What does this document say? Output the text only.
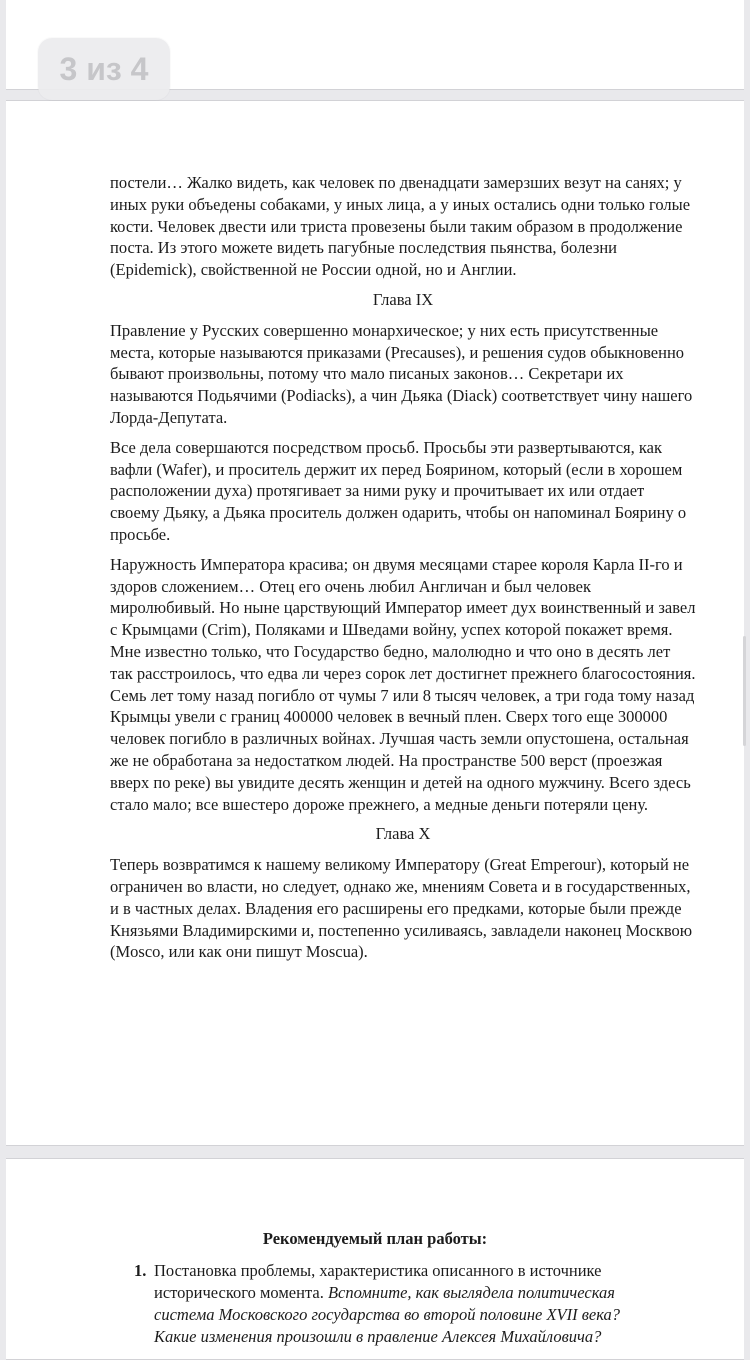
3 из 4

постели… Жалко видеть, как человек по двенадцати замерзших везут на санях; у иных руки объедены собаками, у иных лица, а у иных остались одни только голые кости. Человек двести или триста провезены были таким образом в продолжение поста. Из этого можете видеть пагубные последствия пьянства, болезни (Epidemick), свойственной не России одной, но и Англии.

Глава IX

Правление у Русских совершенно монархическое; у них есть присутственные места, которые называются приказами (Precauses), и решения судов обыкновенно бывают произвольны, потому что мало писаных законов… Секретари их называются Подьячими (Podiacks), а чин Дьяка (Diack) соответствует чину нашего Лорда-Депутата.

Все дела совершаются посредством просьб. Просьбы эти развертываются, как вафли (Wafer), и проситель держит их перед Боярином, который (если в хорошем расположении духа) протягивает за ними руку и прочитывает их или отдает своему Дьяку, а Дьяка проситель должен одарить, чтобы он напоминал Боярину о просьбе.

Наружность Императора красива; он двумя месяцами старее короля Карла II-го и здоров сложением… Отец его очень любил Англичан и был человек миролюбивый. Но ныне царствующий Император имеет дух воинственный и завел с Крымцами (Crim), Поляками и Шведами войну, успех которой покажет время. Мне известно только, что Государство бедно, малолюдно и что оно в десять лет так расстроилось, что едва ли через сорок лет достигнет прежнего благосостояния. Семь лет тому назад погибло от чумы 7 или 8 тысяч человек, а три года тому назад Крымцы увели с границ 400000 человек в вечный плен. Сверх того еще 300000 человек погибло в различных войнах. Лучшая часть земли опустошена, остальная же не обработана за недостатком людей. На пространстве 500 верст (проезжая вверх по реке) вы увидите десять женщин и детей на одного мужчину. Всего здесь стало мало; все вшестеро дороже прежнего, а медные деньги потеряли цену.

Глава X

Теперь возвратимся к нашему великому Императору (Great Emperour), который не ограничен во власти, но следует, однако же, мнениям Совета и в государственных, и в частных делах. Владения его расширены его предками, которые были прежде Князьями Владимирскими и, постепенно усиливаясь, завладели наконец Москвою (Mosco, или как они пишут Moscua).

Рекомендуемый план работы:
1. Постановка проблемы, характеристика описанного в источнике исторического момента. Вспомните, как выглядела политическая система Московского государства во второй половине XVII века? Какие изменения произошли в правление Алексея Михайловича?
